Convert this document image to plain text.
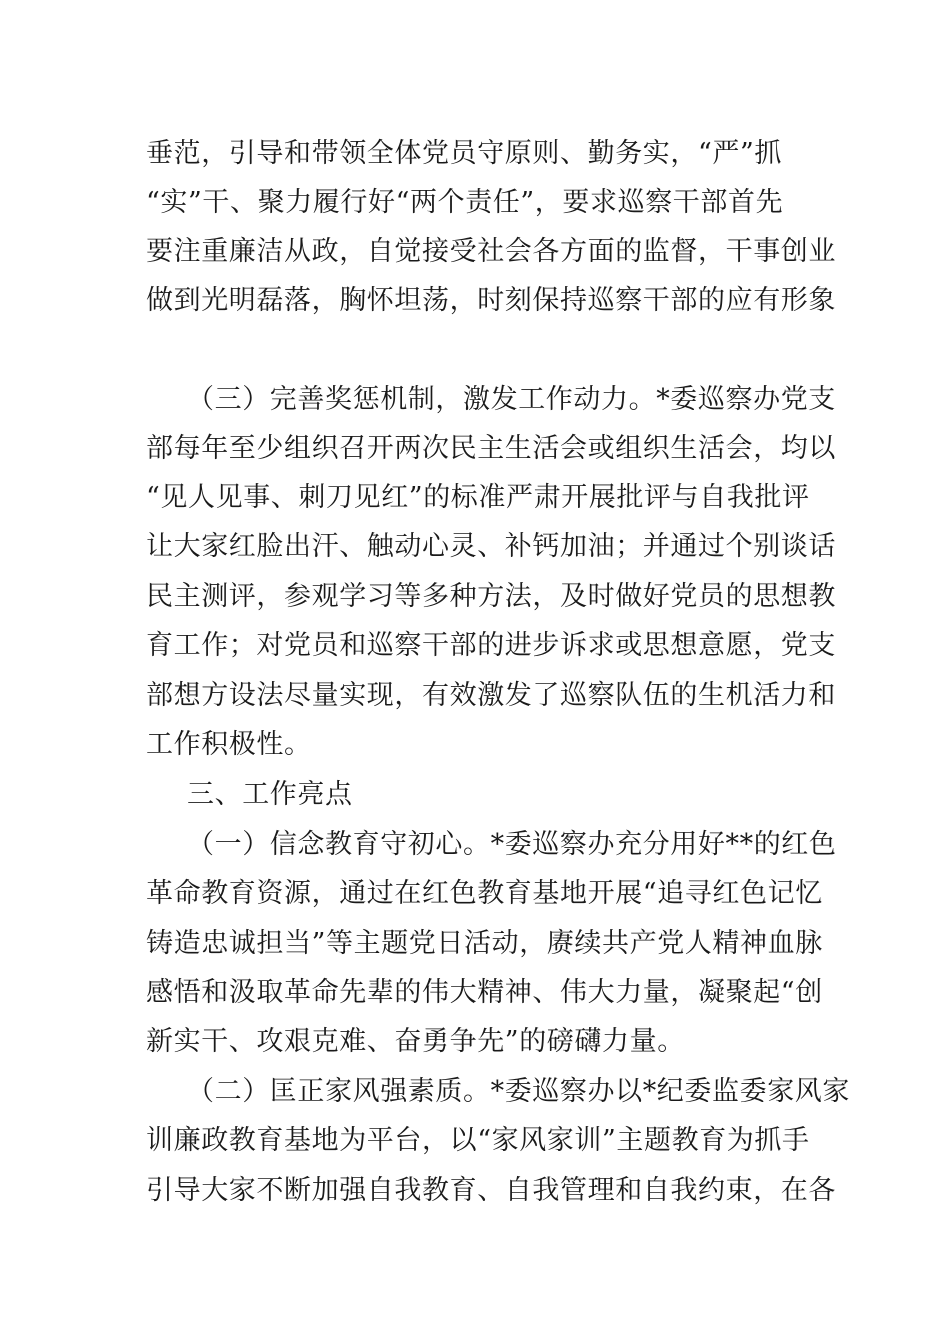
垂范，引导和带领全体党员守原则、勤务实，“严”抓
“实”干、聚力履行好“两个责任”，要求巡察干部首先
要注重廉洁从政，自觉接受社会各方面的监督，干事创业
做到光明磊落，胸怀坦荡，时刻保持巡察干部的应有形象
（三）完善奖惩机制，激发工作动力。*委巡察办党支
部每年至少组织召开两次民主生活会或组织生活会，均以
“见人见事、刺刀见红”的标准严肃开展批评与自我批评
让大家红脸出汗、触动心灵、补钙加油；并通过个别谈话
民主测评，参观学习等多种方法，及时做好党员的思想教
育工作；对党员和巡察干部的进步诉求或思想意愿，党支
部想方设法尽量实现，有效激发了巡察队伍的生机活力和
工作积极性。
三、工作亮点
（一）信念教育守初心。*委巡察办充分用好**的红色
革命教育资源，通过在红色教育基地开展“追寻红色记忆
铸造忠诚担当”等主题党日活动，赓续共产党人精神血脉
感悟和汲取革命先辈的伟大精神、伟大力量，凝聚起“创
新实干、攻艰克难、奋勇争先”的磅礴力量。
（二）匡正家风强素质。*委巡察办以*纪委监委家风家
训廉政教育基地为平台，以“家风家训”主题教育为抓手
引导大家不断加强自我教育、自我管理和自我约束，在各
